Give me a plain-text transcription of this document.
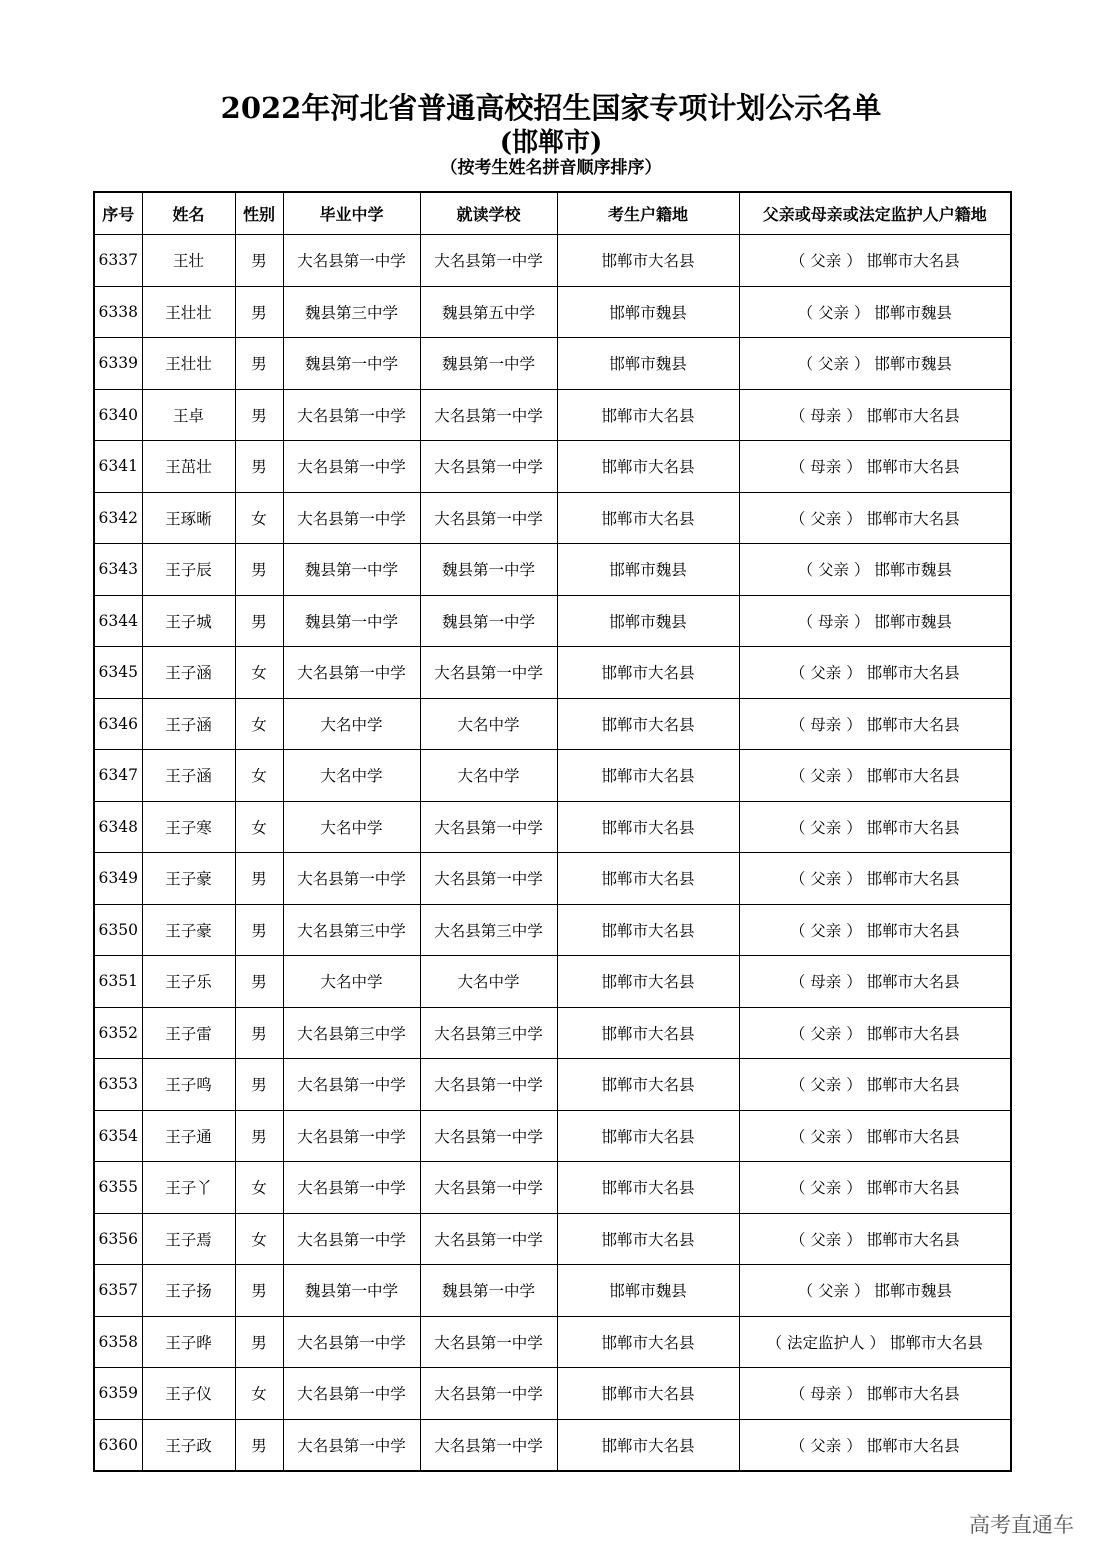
2022年河北省普通高校招生国家专项计划公示名单
(邯郸市)
（按考生姓名拼音顺序排序）
序号	姓名	性别	毕业中学	就读学校	考生户籍地	父亲或母亲或法定监护人户籍地
6337	王壮	男	大名县第一中学	大名县第一中学	邯郸市大名县	（ 父亲 ） 邯郸市大名县
6338	王壮壮	男	魏县第三中学	魏县第五中学	邯郸市魏县	（ 父亲 ） 邯郸市魏县
6339	王壮壮	男	魏县第一中学	魏县第一中学	邯郸市魏县	（ 父亲 ） 邯郸市魏县
6340	王卓	男	大名县第一中学	大名县第一中学	邯郸市大名县	（ 母亲 ） 邯郸市大名县
6341	王茁壮	男	大名县第一中学	大名县第一中学	邯郸市大名县	（ 母亲 ） 邯郸市大名县
6342	王琢晰	女	大名县第一中学	大名县第一中学	邯郸市大名县	（ 父亲 ） 邯郸市大名县
6343	王子辰	男	魏县第一中学	魏县第一中学	邯郸市魏县	（ 父亲 ） 邯郸市魏县
6344	王子城	男	魏县第一中学	魏县第一中学	邯郸市魏县	（ 母亲 ） 邯郸市魏县
6345	王子涵	女	大名县第一中学	大名县第一中学	邯郸市大名县	（ 父亲 ） 邯郸市大名县
6346	王子涵	女	大名中学	大名中学	邯郸市大名县	（ 母亲 ） 邯郸市大名县
6347	王子涵	女	大名中学	大名中学	邯郸市大名县	（ 父亲 ） 邯郸市大名县
6348	王子寒	女	大名中学	大名县第一中学	邯郸市大名县	（ 父亲 ） 邯郸市大名县
6349	王子豪	男	大名县第一中学	大名县第一中学	邯郸市大名县	（ 父亲 ） 邯郸市大名县
6350	王子豪	男	大名县第三中学	大名县第三中学	邯郸市大名县	（ 父亲 ） 邯郸市大名县
6351	王子乐	男	大名中学	大名中学	邯郸市大名县	（ 母亲 ） 邯郸市大名县
6352	王子雷	男	大名县第三中学	大名县第三中学	邯郸市大名县	（ 父亲 ） 邯郸市大名县
6353	王子鸣	男	大名县第一中学	大名县第一中学	邯郸市大名县	（ 父亲 ） 邯郸市大名县
6354	王子通	男	大名县第一中学	大名县第一中学	邯郸市大名县	（ 父亲 ） 邯郸市大名县
6355	王子丫	女	大名县第一中学	大名县第一中学	邯郸市大名县	（ 父亲 ） 邯郸市大名县
6356	王子焉	女	大名县第一中学	大名县第一中学	邯郸市大名县	（ 父亲 ） 邯郸市大名县
6357	王子扬	男	魏县第一中学	魏县第一中学	邯郸市魏县	（ 父亲 ） 邯郸市魏县
6358	王子晔	男	大名县第一中学	大名县第一中学	邯郸市大名县	（ 法定监护人 ） 邯郸市大名县
6359	王子仪	女	大名县第一中学	大名县第一中学	邯郸市大名县	（ 母亲 ） 邯郸市大名县
6360	王子政	男	大名县第一中学	大名县第一中学	邯郸市大名县	（ 父亲 ） 邯郸市大名县
高考直通车
